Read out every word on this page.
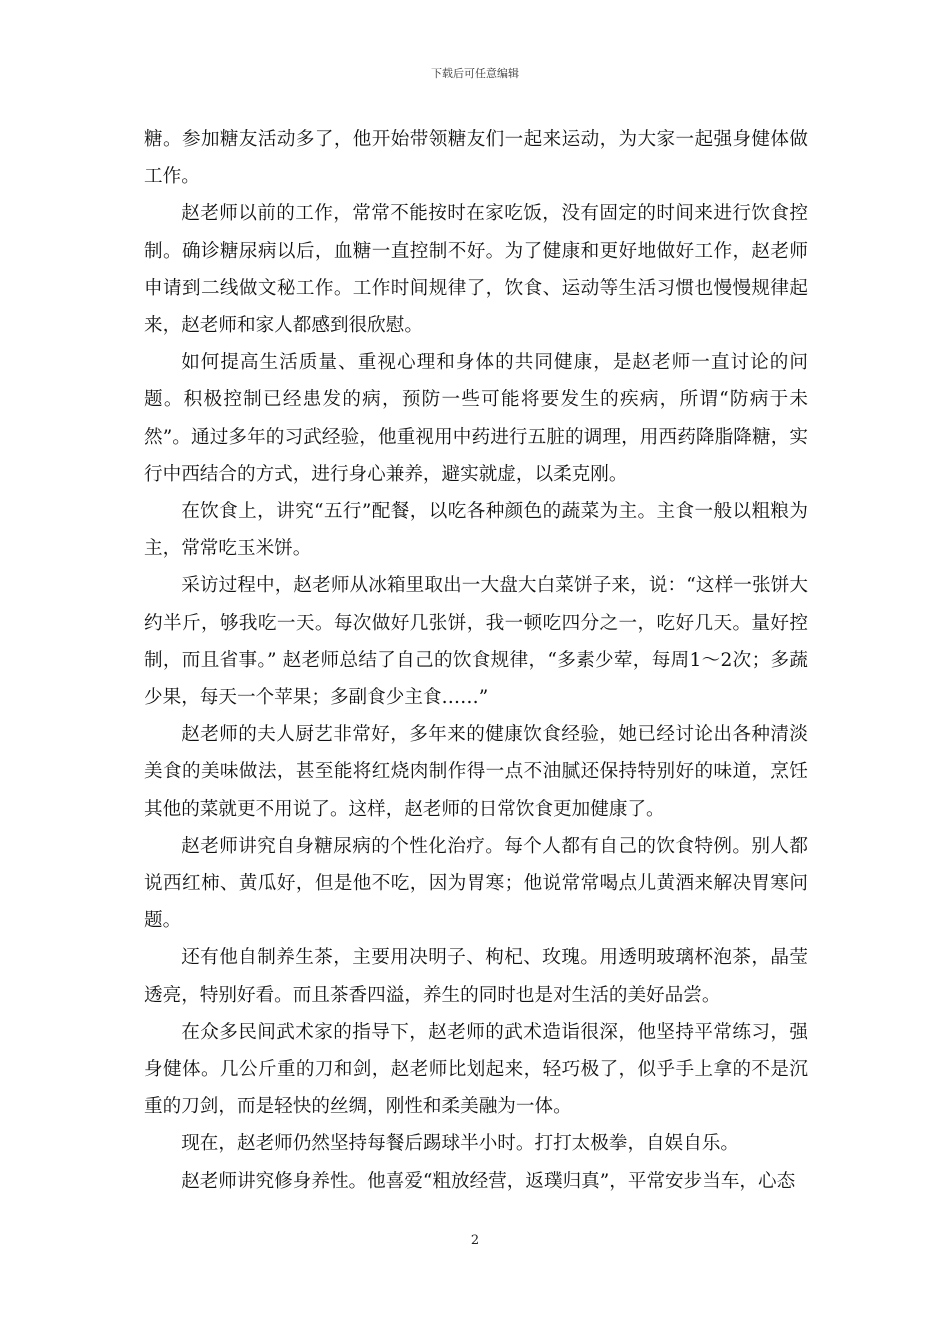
下载后可任意编辑

糖。参加糖友活动多了，他开始带领糖友们一起来运动，为大家一起强身健体做工作。

赵老师以前的工作，常常不能按时在家吃饭，没有固定的时间来进行饮食控制。确诊糖尿病以后，血糖一直控制不好。为了健康和更好地做好工作，赵老师申请到二线做文秘工作。工作时间规律了，饮食、运动等生活习惯也慢慢规律起来，赵老师和家人都感到很欣慰。

如何提高生活质量、重视心理和身体的共同健康，是赵老师一直讨论的问题。积极控制已经患发的病，预防一些可能将要发生的疾病，所谓“防病于未然”。通过多年的习武经验，他重视用中药进行五脏的调理，用西药降脂降糖，实行中西结合的方式，进行身心兼养，避实就虚，以柔克刚。

在饮食上，讲究“五行”配餐，以吃各种颜色的蔬菜为主。主食一般以粗粮为主，常常吃玉米饼。

采访过程中，赵老师从冰箱里取出一大盘大白菜饼子来，说：“这样一张饼大约半斤，够我吃一天。每次做好几张饼，我一顿吃四分之一，吃好几天。量好控制，而且省事。” 赵老师总结了自己的饮食规律，“多素少荤，每周1～2次；多蔬少果，每天一个苹果；多副食少主食……”

赵老师的夫人厨艺非常好，多年来的健康饮食经验，她已经讨论出各种清淡美食的美味做法，甚至能将红烧肉制作得一点不油腻还保持特别好的味道，烹饪其他的菜就更不用说了。这样，赵老师的日常饮食更加健康了。

赵老师讲究自身糖尿病的个性化治疗。每个人都有自己的饮食特例。别人都说西红柿、黄瓜好，但是他不吃，因为胃寒；他说常常喝点儿黄酒来解决胃寒问题。

还有他自制养生茶，主要用决明子、枸杞、玫瑰。用透明玻璃杯泡茶，晶莹透亮，特别好看。而且茶香四溢，养生的同时也是对生活的美好品尝。

在众多民间武术家的指导下，赵老师的武术造诣很深，他坚持平常练习，强身健体。几公斤重的刀和剑，赵老师比划起来，轻巧极了，似乎手上拿的不是沉重的刀剑，而是轻快的丝绸，刚性和柔美融为一体。

现在，赵老师仍然坚持每餐后踢球半小时。打打太极拳，自娱自乐。

赵老师讲究修身养性。他喜爱“粗放经营，返璞归真”，平常安步当车，心态

2
